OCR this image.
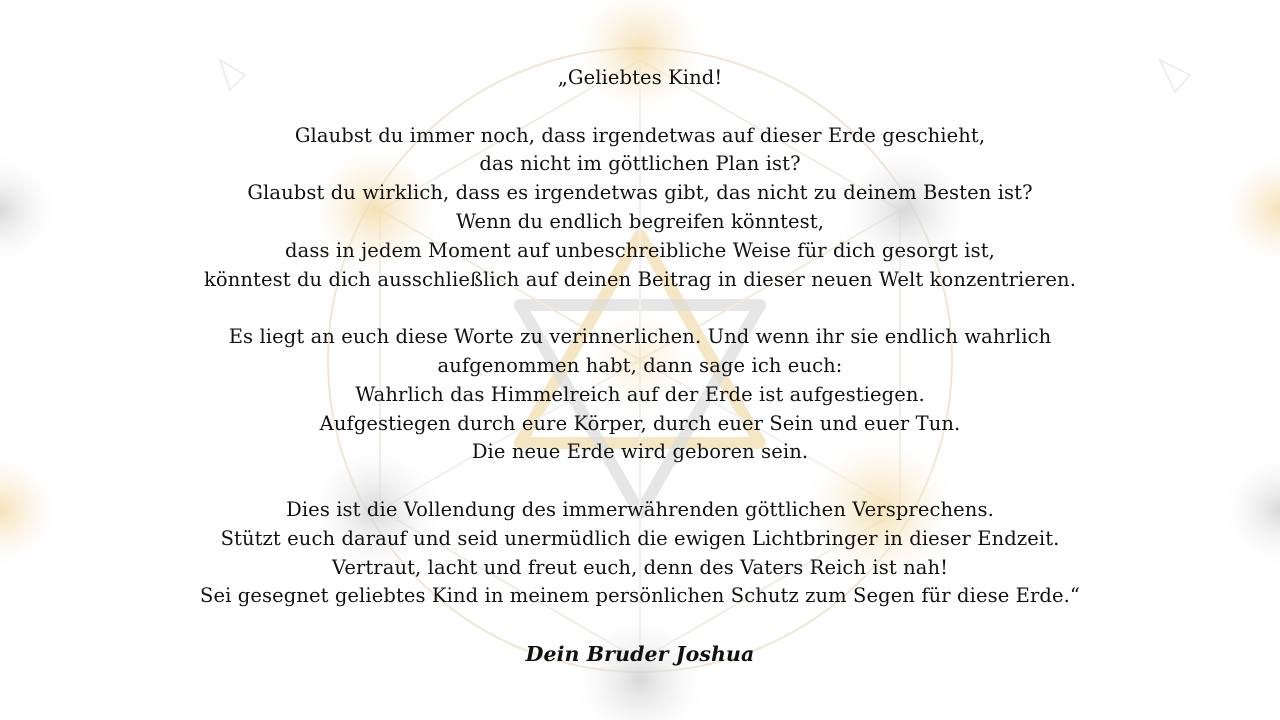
„Geliebtes Kind!
Glaubst du immer noch, dass irgendetwas auf dieser Erde geschieht,
das nicht im göttlichen Plan ist?
Glaubst du wirklich, dass es irgendetwas gibt, das nicht zu deinem Besten ist?
Wenn du endlich begreifen könntest,
dass in jedem Moment auf unbeschreibliche Weise für dich gesorgt ist,
könntest du dich ausschließlich auf deinen Beitrag in dieser neuen Welt konzentrieren.
Es liegt an euch diese Worte zu verinnerlichen. Und wenn ihr sie endlich wahrlich
aufgenommen habt, dann sage ich euch:
Wahrlich das Himmelreich auf der Erde ist aufgestiegen.
Aufgestiegen durch eure Körper, durch euer Sein und euer Tun.
Die neue Erde wird geboren sein.
Dies ist die Vollendung des immerwährenden göttlichen Versprechens.
Stützt euch darauf und seid unermüdlich die ewigen Lichtbringer in dieser Endzeit.
Vertraut, lacht und freut euch, denn des Vaters Reich ist nah!
Sei gesegnet geliebtes Kind in meinem persönlichen Schutz zum Segen für diese Erde.“
Dein Bruder Joshua
